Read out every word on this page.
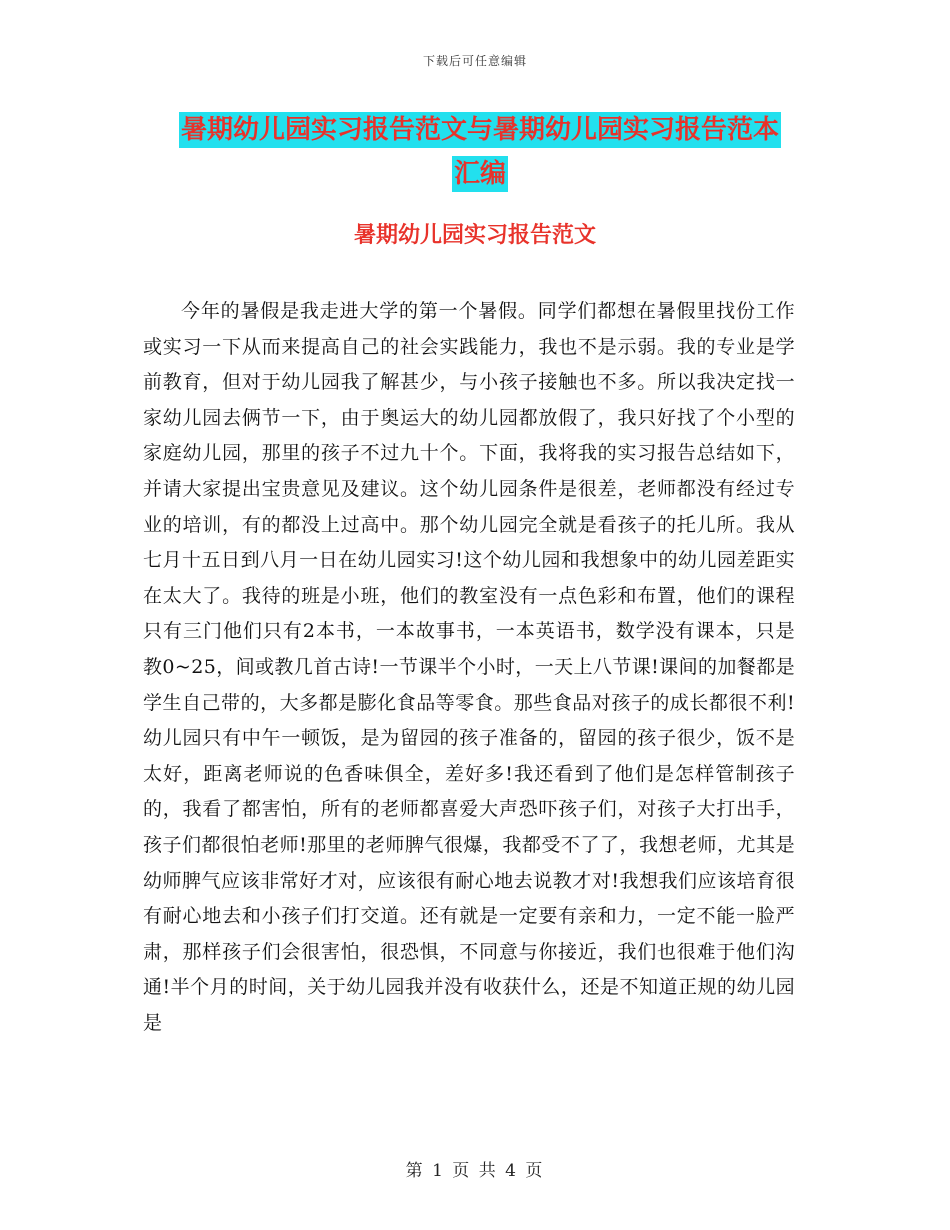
下载后可任意编辑
暑期幼儿园实习报告范文与暑期幼儿园实习报告范本
汇编
暑期幼儿园实习报告范文

今年的暑假是我走进大学的第一个暑假。同学们都想在暑假里找份工作或实习一下从而来提高自己的社会实践能力，我也不是示弱。我的专业是学前教育，但对于幼儿园我了解甚少，与小孩子接触也不多。所以我决定找一家幼儿园去俩节一下，由于奥运大的幼儿园都放假了，我只好找了个小型的家庭幼儿园，那里的孩子不过九十个。下面，我将我的实习报告总结如下，并请大家提出宝贵意见及建议。这个幼儿园条件是很差，老师都没有经过专业的培训，有的都没上过高中。那个幼儿园完全就是看孩子的托儿所。我从七月十五日到八月一日在幼儿园实习!这个幼儿园和我想象中的幼儿园差距实在太大了。我待的班是小班，他们的教室没有一点色彩和布置，他们的课程只有三门他们只有2本书，一本故事书，一本英语书，数学没有课本，只是教0~25，间或教几首古诗!一节课半个小时，一天上八节课!课间的加餐都是学生自己带的，大多都是膨化食品等零食。那些食品对孩子的成长都很不利!幼儿园只有中午一顿饭，是为留园的孩子准备的，留园的孩子很少，饭不是太好，距离老师说的色香味俱全，差好多!我还看到了他们是怎样管制孩子的，我看了都害怕，所有的老师都喜爱大声恐吓孩子们，对孩子大打出手，孩子们都很怕老师!那里的老师脾气很爆，我都受不了了，我想老师，尤其是幼师脾气应该非常好才对，应该很有耐心地去说教才对!我想我们应该培育很有耐心地去和小孩子们打交道。还有就是一定要有亲和力，一定不能一脸严肃，那样孩子们会很害怕，很恐惧，不同意与你接近，我们也很难于他们沟通!半个月的时间，关于幼儿园我并没有收获什么，还是不知道正规的幼儿园是

第 1 页 共 4 页
